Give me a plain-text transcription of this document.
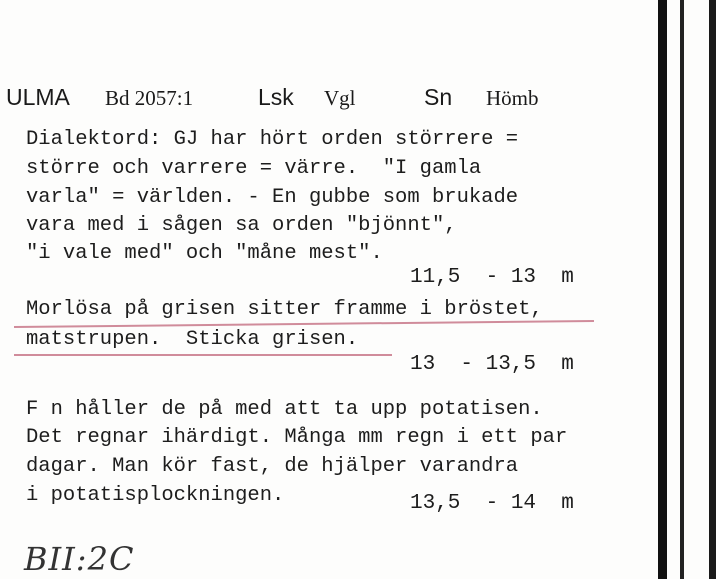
ULMA Bd 2057:1	Lsk Vgl	Sn Hömb
Dialektord: GJ har hört orden störrere =
större och varrere = värre.  "I gamla
varla" = världen. - En gubbe som brukade
vara med i sågen sa orden "bjönnt",
"i vale med" och "måne mest".
11,5  - 13  m
Morlösa på grisen sitter framme i bröstet,
matstrupen.  Sticka grisen.
13  - 13,5  m
F n håller de på med att ta upp potatisen.
Det regnar ihärdigt. Många mm regn i ett par
dagar. Man kör fast, de hjälper varandra
i potatisplockningen.	13,5  - 14  m
BII:2C
